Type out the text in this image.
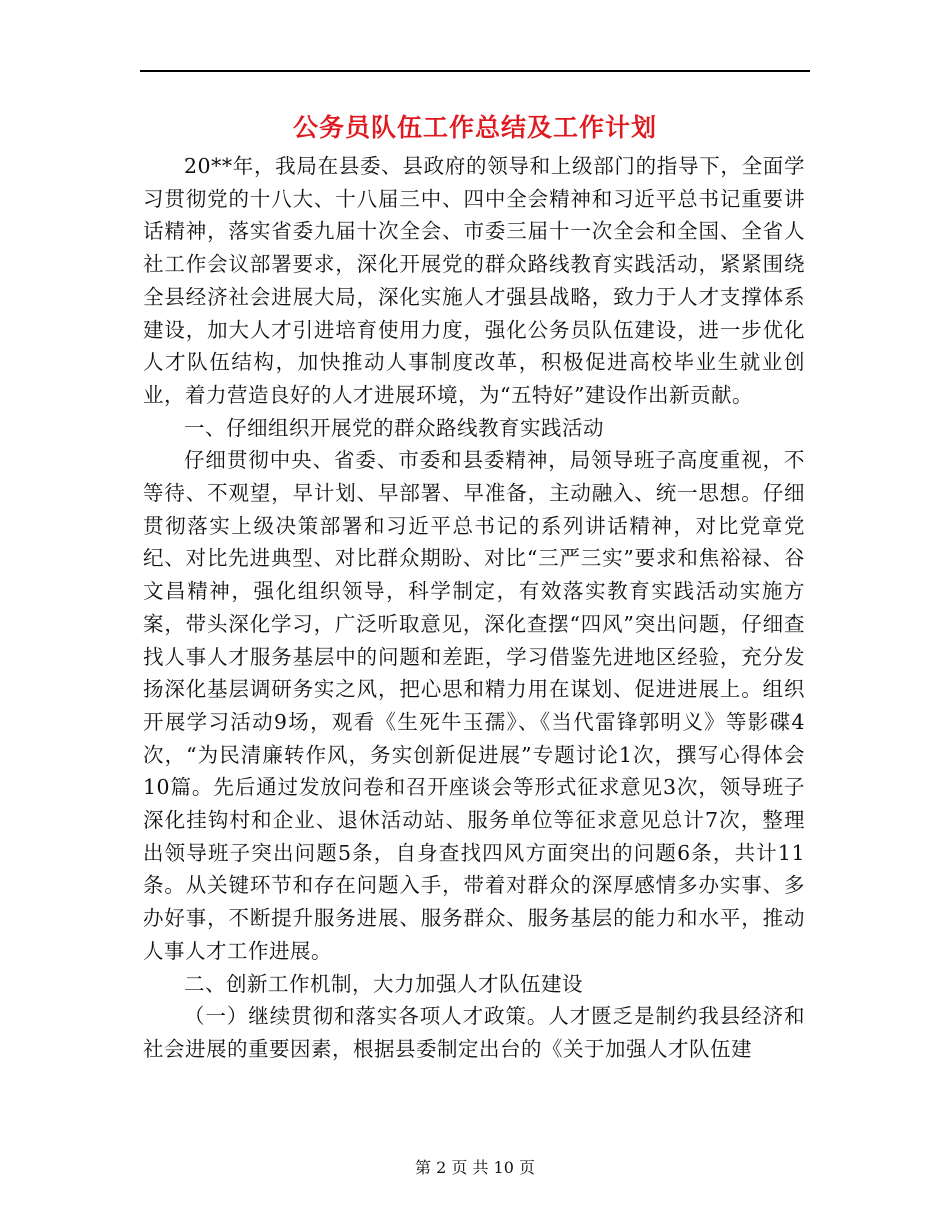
公务员队伍工作总结及工作计划

20**年，我局在县委、县政府的领导和上级部门的指导下，全面学习贯彻党的十八大、十八届三中、四中全会精神和习近平总书记重要讲话精神，落实省委九届十次全会、市委三届十一次全会和全国、全省人社工作会议部署要求，深化开展党的群众路线教育实践活动，紧紧围绕全县经济社会进展大局，深化实施人才强县战略，致力于人才支撑体系建设，加大人才引进培育使用力度，强化公务员队伍建设，进一步优化人才队伍结构，加快推动人事制度改革，积极促进高校毕业生就业创业，着力营造良好的人才进展环境，为“五特好”建设作出新贡献。

一、仔细组织开展党的群众路线教育实践活动

仔细贯彻中央、省委、市委和县委精神，局领导班子高度重视，不等待、不观望，早计划、早部署、早准备，主动融入、统一思想。仔细贯彻落实上级决策部署和习近平总书记的系列讲话精神，对比党章党纪、对比先进典型、对比群众期盼、对比“三严三实”要求和焦裕禄、谷文昌精神，强化组织领导，科学制定，有效落实教育实践活动实施方案，带头深化学习，广泛听取意见，深化查摆“四风”突出问题，仔细查找人事人才服务基层中的问题和差距，学习借鉴先进地区经验，充分发扬深化基层调研务实之风，把心思和精力用在谋划、促进进展上。组织开展学习活动9场，观看《生死牛玉孺》、《当代雷锋郭明义》等影碟4次，“为民清廉转作风，务实创新促进展”专题讨论1次，撰写心得体会10篇。先后通过发放问卷和召开座谈会等形式征求意见3次，领导班子深化挂钩村和企业、退休活动站、服务单位等征求意见总计7次，整理出领导班子突出问题5条，自身查找四风方面突出的问题6条，共计11条。从关键环节和存在问题入手，带着对群众的深厚感情多办实事、多办好事，不断提升服务进展、服务群众、服务基层的能力和水平，推动人事人才工作进展。

二、创新工作机制，大力加强人才队伍建设

（一）继续贯彻和落实各项人才政策。人才匮乏是制约我县经济和社会进展的重要因素，根据县委制定出台的《关于加强人才队伍建

第 2 页 共 10 页
